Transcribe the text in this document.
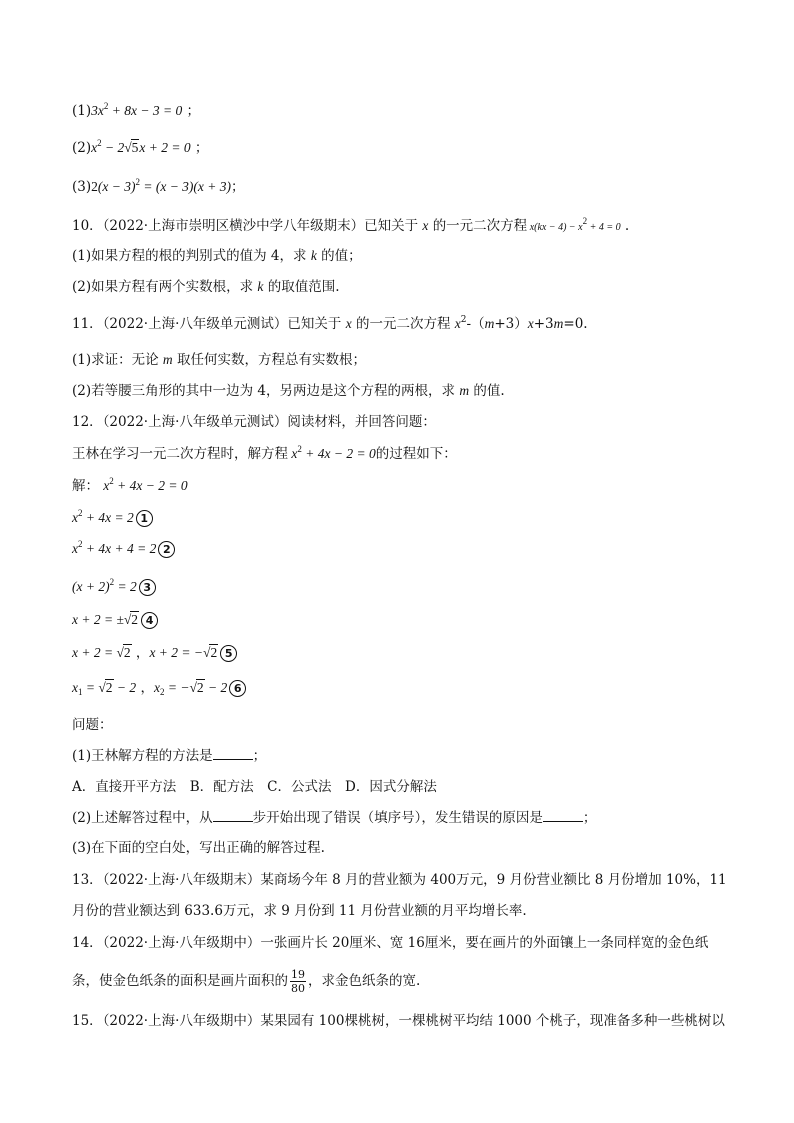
$(1)3x^2 + 8x - 3 = 0$ ；
$(2)x^2 - 2√5x + 2 = 0$ ；
$(3)2(x - 3)^2 = (x - 3)(x + 3)$；
10．（2022·上海市崇明区横沙中学八年级期末）已知关于 x 的一元二次方程 $x(kx - 4) - x^2 + 4 = 0$ .
(1)如果方程的根的判别式的值为 4，求 k 的值；
(2)如果方程有两个实数根，求 k 的取值范围.
11．（2022·上海·八年级单元测试）已知关于 x 的一元二次方程 $x^2-(m+3)x+3m=0$.
(1)求证：无论 m 取任何实数，方程总有实数根；
(2)若等腰三角形的其中一边为 4，另两边是这个方程的两根，求 m 的值.
12．（2022·上海·八年级单元测试）阅读材料，并回答问题：
王林在学习一元二次方程时，解方程 $x^2 + 4x - 2 = 0$的过程如下：
解： $x^2 + 4x - 2 = 0$
$x^2 + 4x = 2$ 1
$x^2 + 4x + 4 = 2$ 2
$(x + 2)^2 = 2$ 3
x + 2 = ±√2 4
x + 2 = √2 ，x + 2 = −√2 5
$x_1 = √2 - 2$ ，$x_2 = -√2 - 2$ 6
问题：
(1)王林解方程的方法是	；
A．直接开平方法　B．配方法　C．公式法　D．因式分解法
(2)上述解答过程中，从	步开始出现了错误（填序号），发生错误的原因是	；
(3)在下面的空白处，写出正确的解答过程.
13．（2022·上海·八年级期末）某商场今年 8 月的营业额为 400万元，9 月份营业额比 8 月份增加 10%，11
月份的营业额达到 633.6万元，求 9 月份到 11 月份营业额的月平均增长率.
14．（2022·上海·八年级期中）一张画片长 20厘米、宽 16厘米，要在画片的外面镶上一条同样宽的金色纸
条，使金色纸条的面积是画片面积的 $\frac{19}{80}$ ，求金色纸条的宽.
15．（2022·上海·八年级期中）某果园有 100棵桃树，一棵桃树平均结 1000 个桃子，现准备多种一些桃树以
